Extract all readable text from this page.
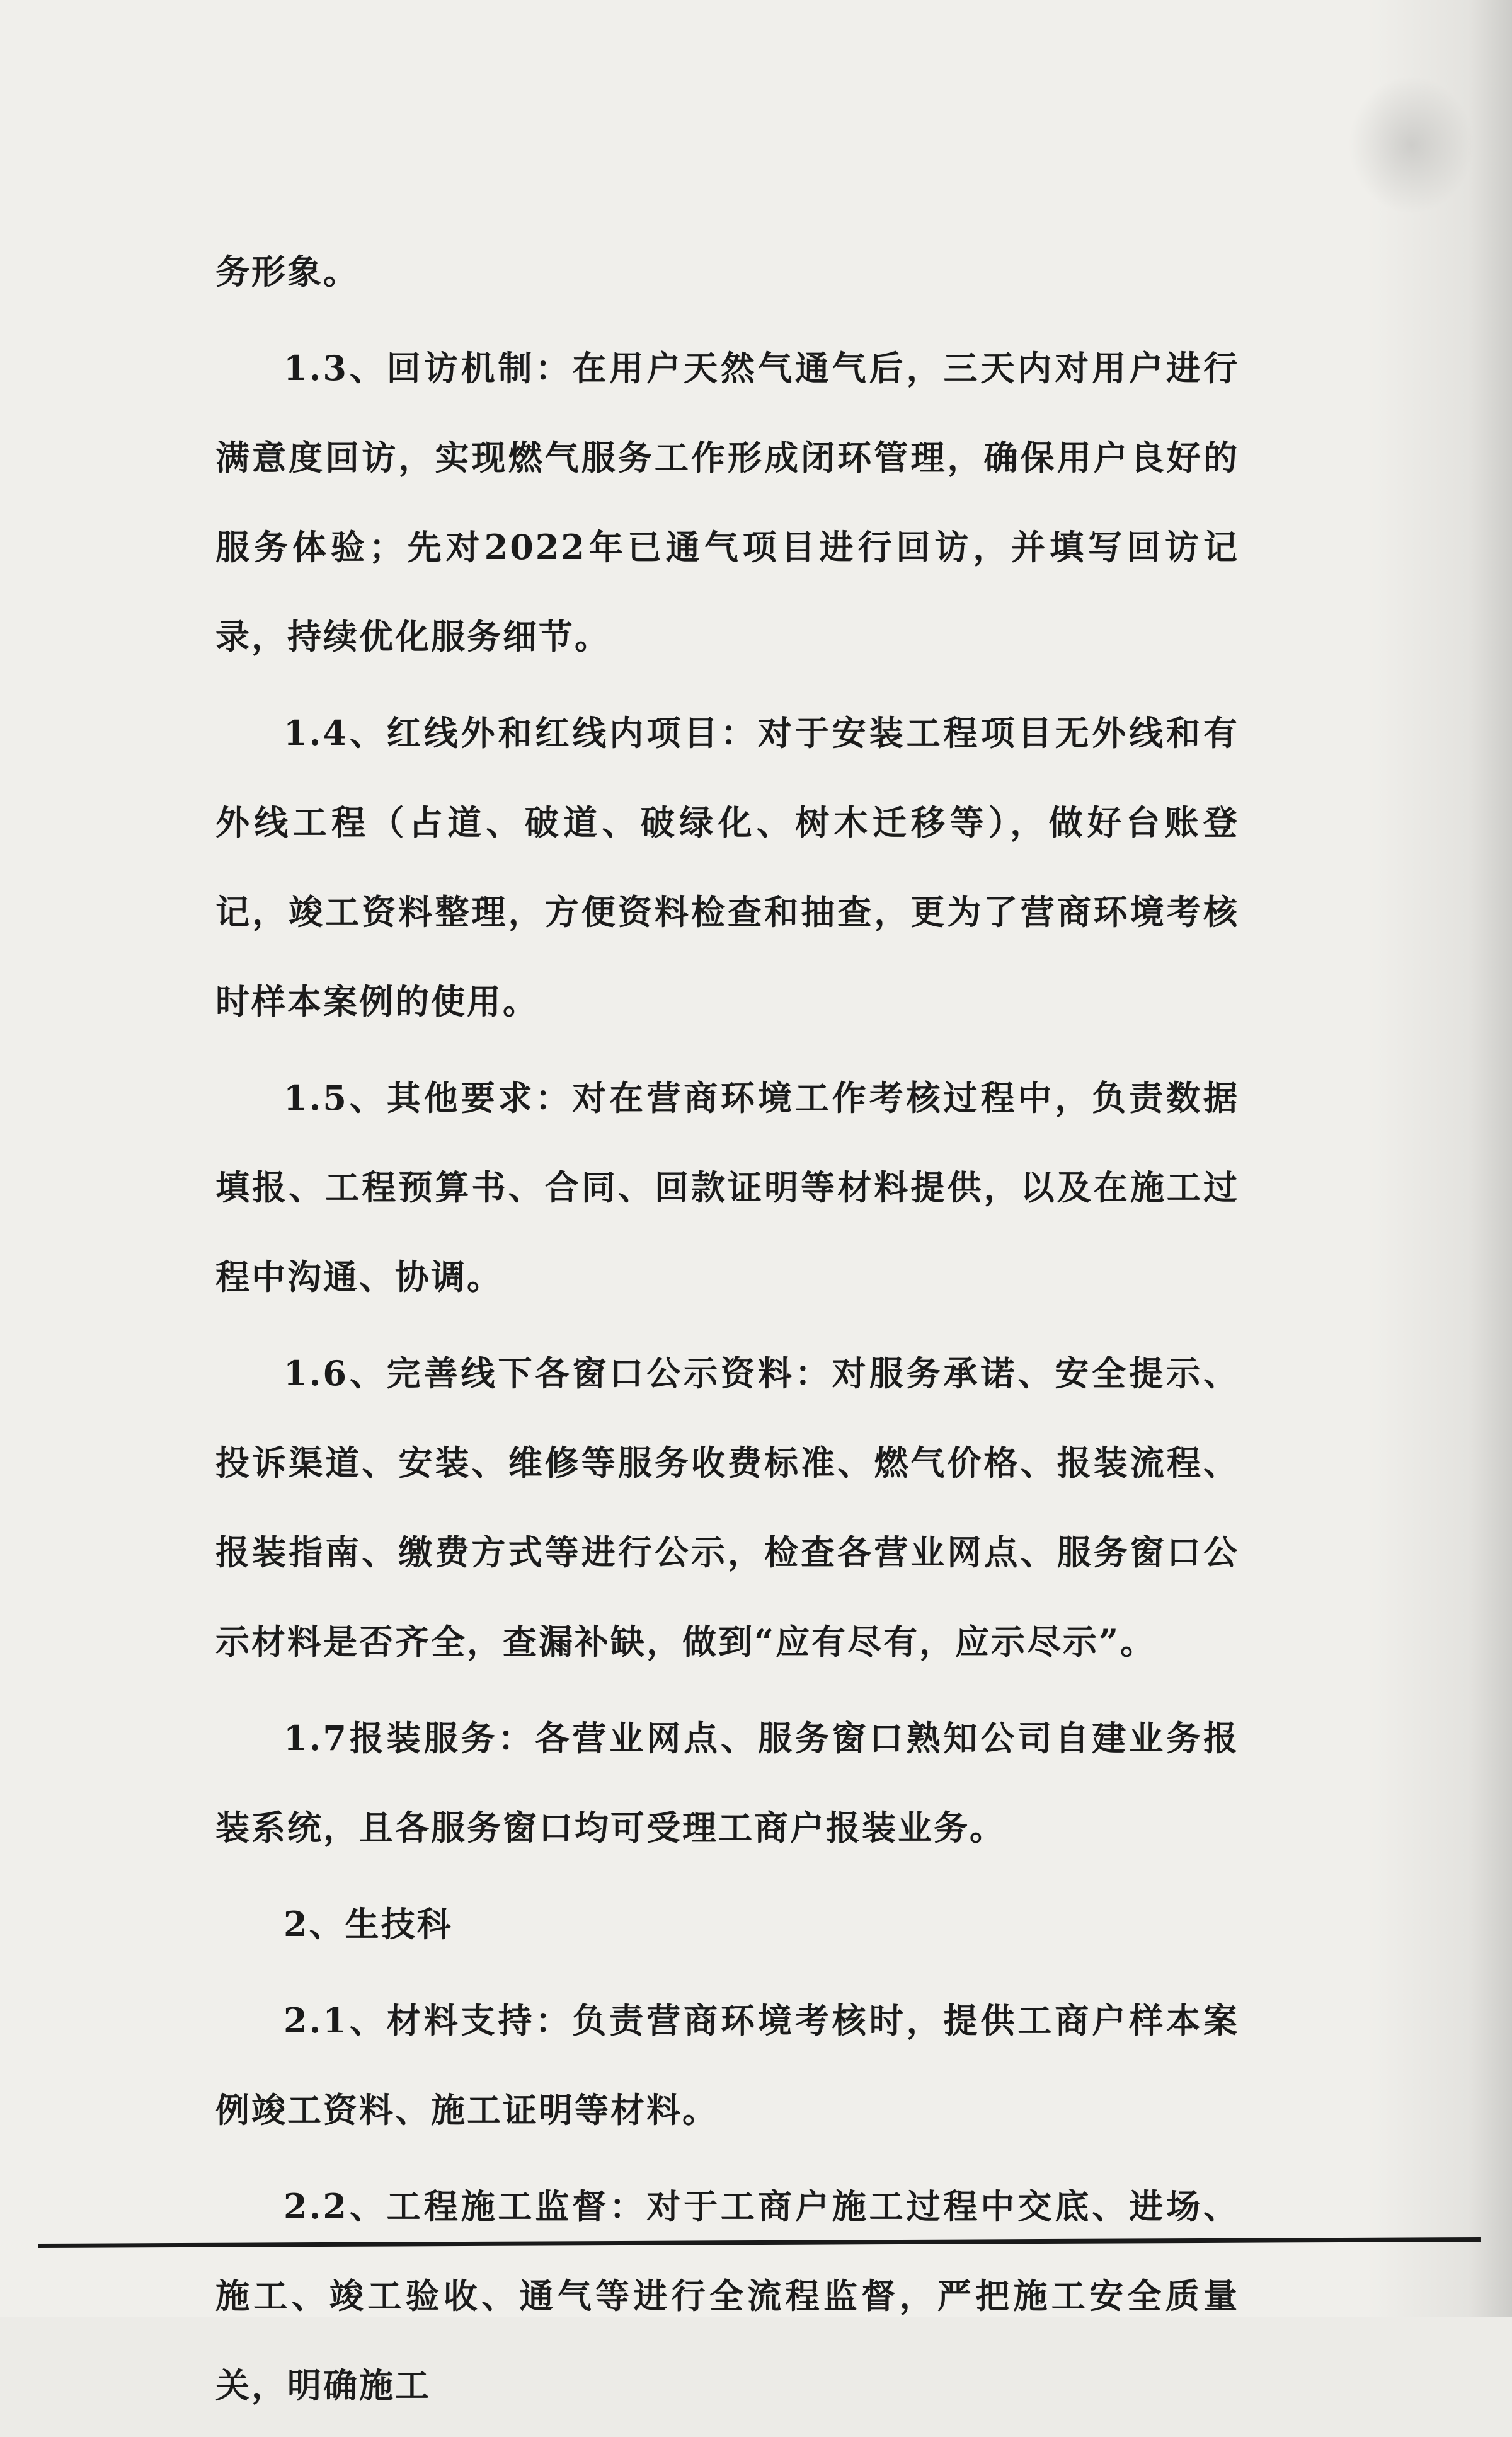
务形象。

1.3、回访机制：在用户天然气通气后，三天内对用户进行满意度回访，实现燃气服务工作形成闭环管理，确保用户良好的服务体验；先对2022年已通气项目进行回访，并填写回访记录，持续优化服务细节。

1.4、红线外和红线内项目：对于安装工程项目无外线和有外线工程（占道、破道、破绿化、树木迁移等），做好台账登记，竣工资料整理，方便资料检查和抽查，更为了营商环境考核时样本案例的使用。

1.5、其他要求：对在营商环境工作考核过程中，负责数据填报、工程预算书、合同、回款证明等材料提供，以及在施工过程中沟通、协调。

1.6、完善线下各窗口公示资料：对服务承诺、安全提示、投诉渠道、安装、维修等服务收费标准、燃气价格、报装流程、报装指南、缴费方式等进行公示，检查各营业网点、服务窗口公示材料是否齐全，查漏补缺，做到“应有尽有，应示尽示”。

1.7报装服务：各营业网点、服务窗口熟知公司自建业务报装系统，且各服务窗口均可受理工商户报装业务。

2、生技科

2.1、材料支持：负责营商环境考核时，提供工商户样本案例竣工资料、施工证明等材料。

2.2、工程施工监督：对于工商户施工过程中交底、进场、施工、竣工验收、通气等进行全流程监督，严把施工安全质量关，明确施工
